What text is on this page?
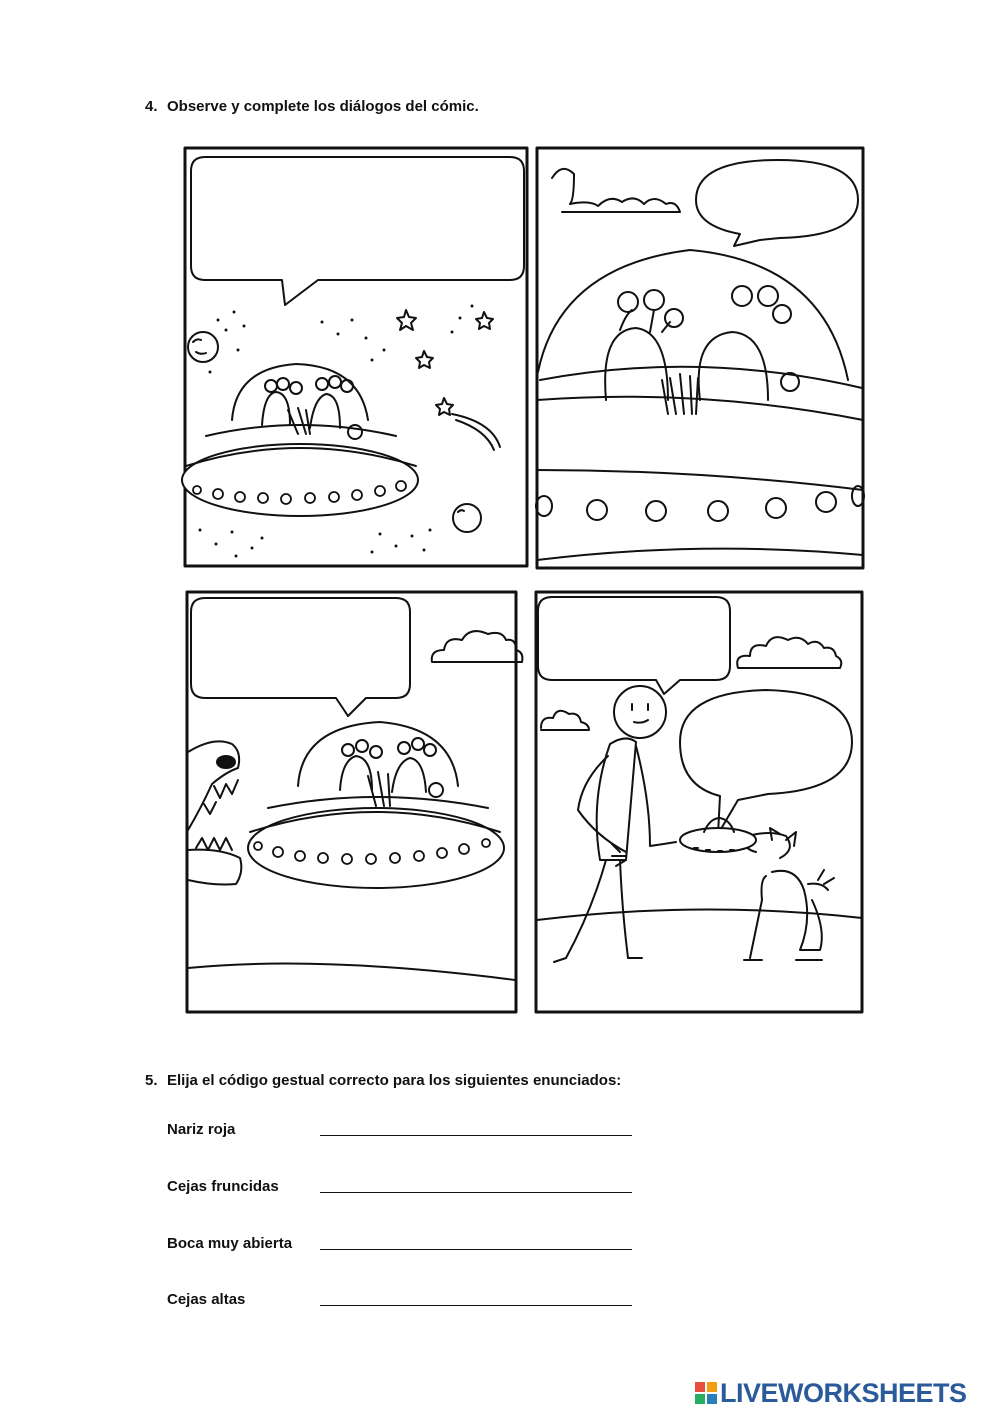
4. Observe y complete los diálogos del cómic.

5. Elija el código gestual correcto para los siguientes enunciados:

Nariz roja
Cejas fruncidas
Boca muy abierta
Cejas altas
LIVEWORKSHEETS
